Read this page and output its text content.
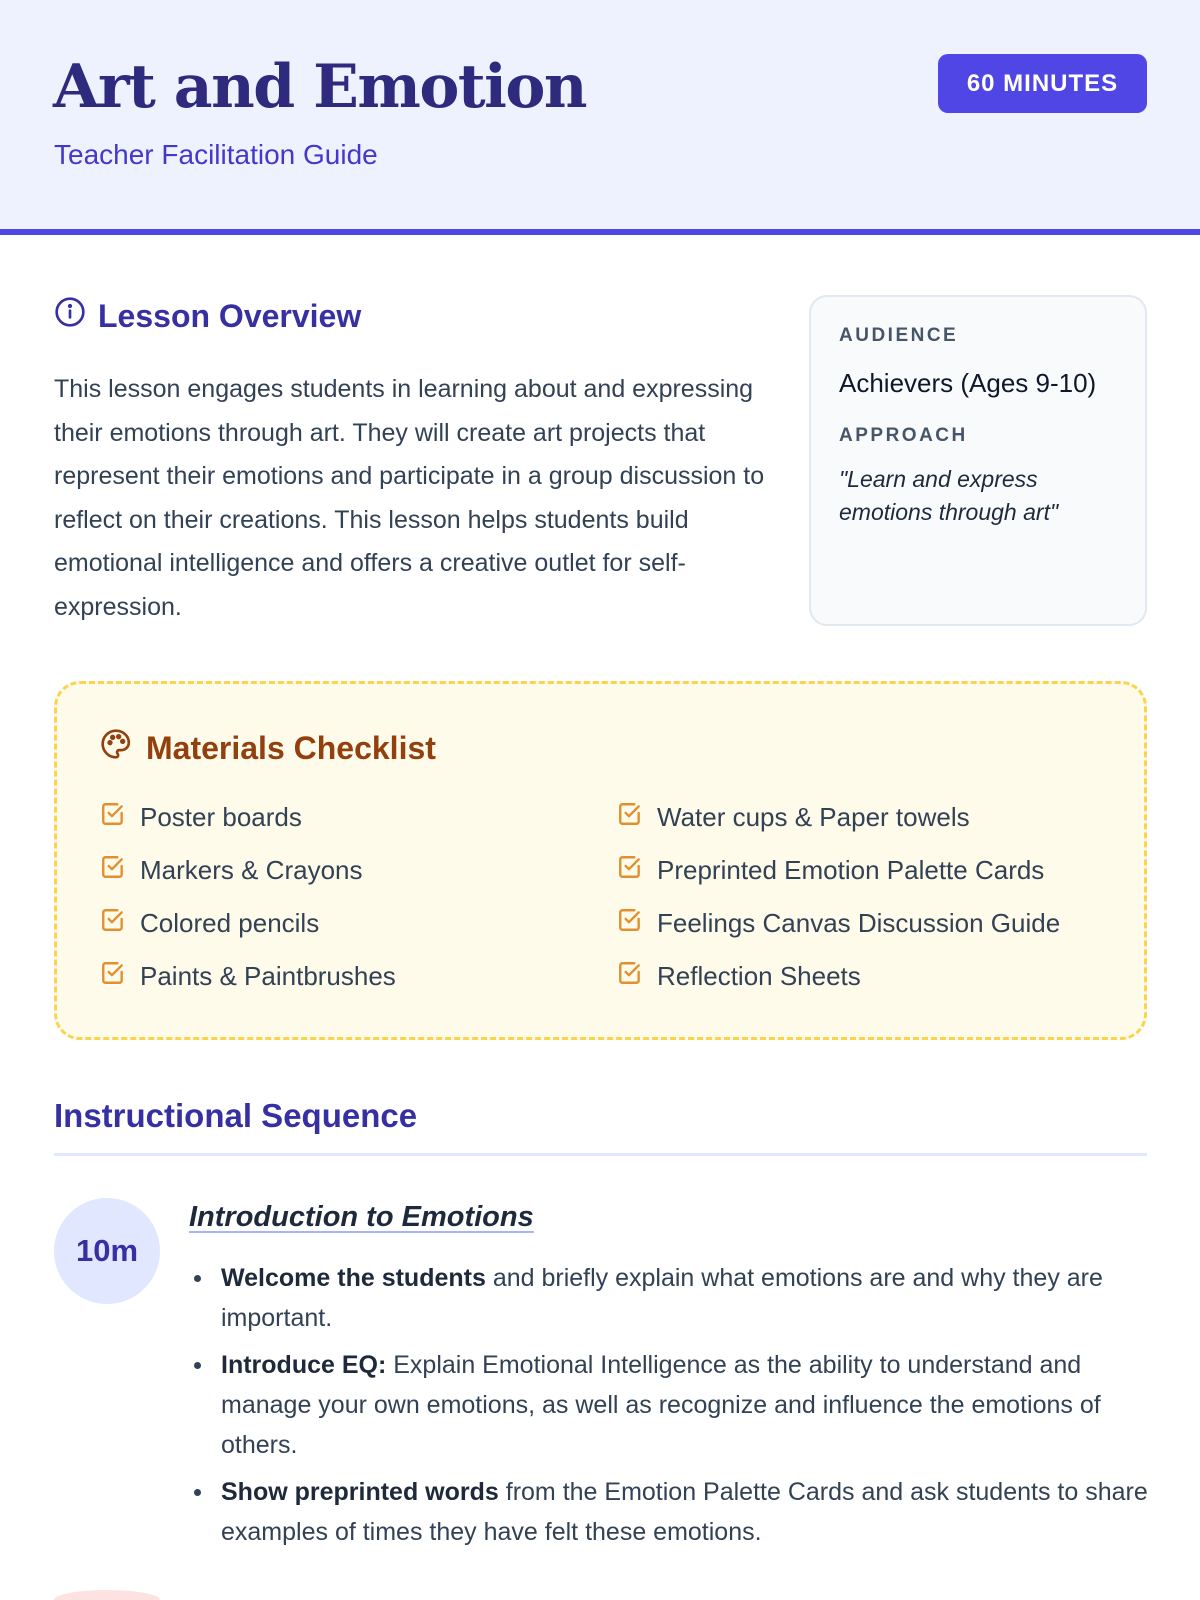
Art and Emotion
Teacher Facilitation Guide
60 MINUTES
Lesson Overview

This lesson engages students in learning about and expressing their emotions through art. They will create art projects that represent their emotions and participate in a group discussion to reflect on their creations. This lesson helps students build emotional intelligence and offers a creative outlet for self-expression.

AUDIENCE
Achievers (Ages 9-10)
APPROACH
"Learn and express emotions through art"
Materials Checklist
Poster boards	Water cups & Paper towels
Markers & Crayons	Preprinted Emotion Palette Cards
Colored pencils	Feelings Canvas Discussion Guide
Paints & Paintbrushes	Reflection Sheets
Instructional Sequence
10m
Introduction to Emotions
Welcome the students and briefly explain what emotions are and why they are important.
Introduce EQ: Explain Emotional Intelligence as the ability to understand and manage your own emotions, as well as recognize and influence the emotions of others.
Show preprinted words from the Emotion Palette Cards and ask students to share examples of times they have felt these emotions.
